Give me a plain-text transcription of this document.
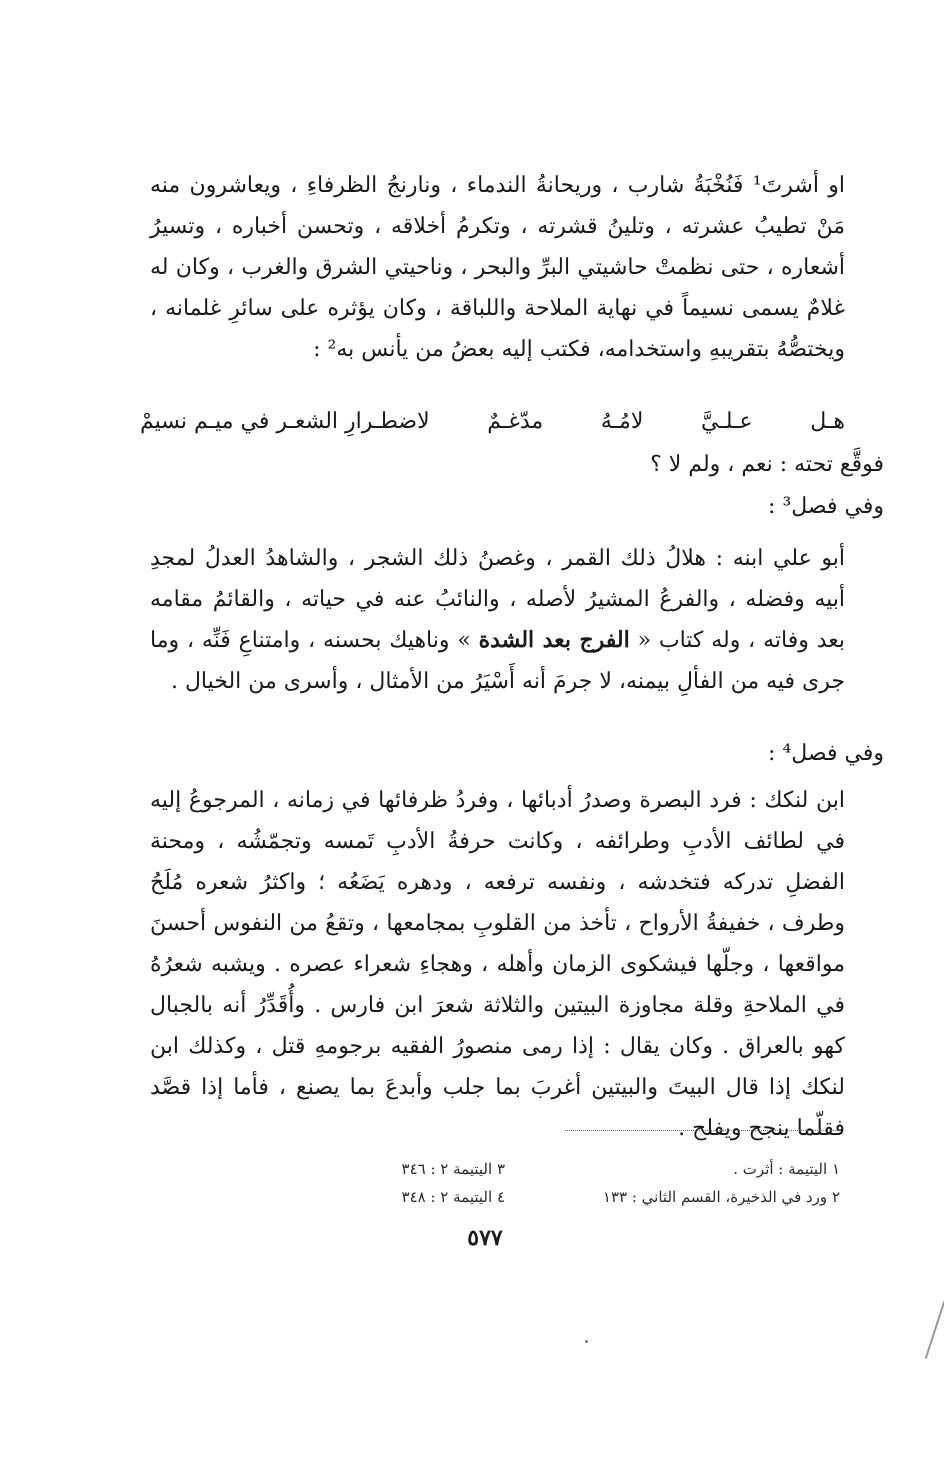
او أشرتَ¹ فَنُخْبَةُ شارب ، وريحانةُ الندماء ، ونارنجُ الظرفاءِ ، ويعاشرون منه مَنْ تطيبُ عشرته ، وتلينُ قشرته ، وتكرمُ أخلاقه ، وتحسن أخباره ، وتسيرُ أشعاره ، حتى نظمتْ حاشيتي البرِّ والبحر ، وناحيتي الشرق والغرب ، وكان له غلامٌ يسمى نسيماً في نهاية الملاحة واللباقة ، وكان يؤثره على سائرِ غلمانه ، ويختصُّهُ بتقريبهِ واستخدامه، فكتب إليه بعضُ من يأنس به² :

هـل
عـلـيَّ
لامُـهُ
مدّغـمٌ
لاضطـرارِ الشعـر في ميـم نسيمْ
فوقَّع تحته : نعم ، ولم لا ؟
وفي فصل³ :

أبو علي ابنه : هلالُ ذلك القمر ، وغصنُ ذلك الشجر ، والشاهدُ العدلُ لمجدِ أبيه وفضله ، والفرعُ المشيرُ لأصله ، والنائبُ عنه في حياته ، والقائمُ مقامه بعد وفاته ، وله كتاب « الفرج بعد الشدة » وناهيك بحسنه ، وامتناعِ فَنِّه ، وما جرى فيه من الفألِ بيمنه، لا جرمَ أنه أَسْيَرُ من الأمثال ، وأسرى من الخيال .

وفي فصل⁴ :

ابن لنكك : فرد البصرة وصدرُ أدبائها ، وفردُ ظرفائها في زمانه ، المرجوعُ إليه في لطائف الأدبِ وطرائفه ، وكانت حرفةُ الأدبِ تَمسه وتجمّشُه ، ومحنة الفضلِ تدركه فتخدشه ، ونفسه ترفعه ، ودهره يَضَعُه ؛ واكثرُ شعره مُلَحُ وطرف ، خفيفةُ الأرواح ، تأخذ من القلوبِ بمجامعها ، وتقعُ من النفوس أحسنَ مواقعها ، وجلّها فيشكوى الزمان وأهله ، وهجاءِ شعراء عصره . ويشبه شعرُهُ في الملاحةِ وقلة مجاوزة البيتين والثلاثة شعرَ ابن فارس . وأُقَدِّرُ أنه بالجبال كهو بالعراق . وكان يقال : إذا رمى منصورُ الفقيه برجومهِ قتل ، وكذلك ابن لنكك إذا قال البيتَ والبيتين أغربَ بما جلب وأبدعَ بما يصنع ، فأما إذا قصَّد فقلّما ينجح ويفلح .

١ اليتيمة : أثرت .
٢ ورد في الذخيرة، القسم الثاني : ١٣٣
٣ اليتيمة ٢ : ٣٤٦
٤ اليتيمة ٢ : ٣٤٨
٥٧٧
